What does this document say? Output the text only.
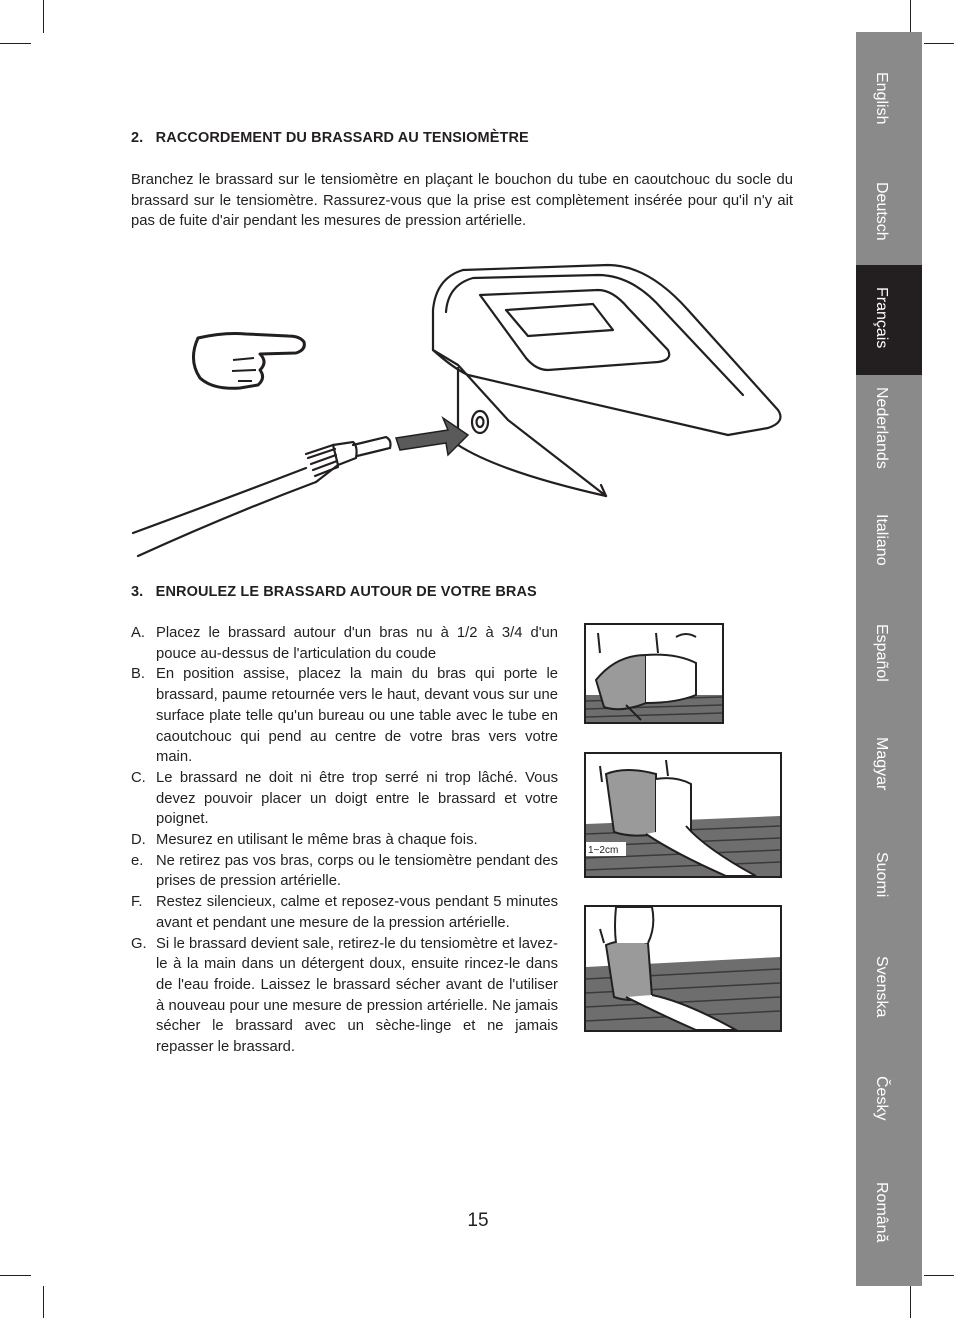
2.   RACCORDEMENT DU BRASSARD AU TENSIOMÈTRE

Branchez le brassard sur le tensiomètre en plaçant le bouchon du tube en caoutchouc du socle du brassard sur le tensiomètre. Rassurez-vous que la prise est complètement insérée pour qu'il n'y ait pas de fuite d'air pendant les mesures de pression artérielle.

3.   ENROULEZ LE BRASSARD AUTOUR DE VOTRE BRAS
A. Placez le brassard autour d'un bras nu à 1/2 à 3/4 d'un pouce au-dessus de l'articulation du coude
B. En position assise, placez la main du bras qui porte le brassard, paume retournée vers le haut, devant vous sur une surface plate telle qu'un bureau ou une table avec le tube en caoutchouc qui pend au centre de votre bras vers votre main.
C. Le brassard ne doit ni être trop serré ni trop lâché. Vous devez pouvoir placer un doigt entre le brassard et votre poignet.
D. Mesurez en utilisant le même bras à chaque fois.
e. Ne retirez pas vos bras, corps ou le tensiomètre pendant des prises de pression artérielle.
F. Restez silencieux, calme et reposez-vous pendant 5 minutes avant et pendant une mesure de la pression artérielle.
G. Si le brassard devient sale, retirez-le du tensiomètre et lavez-le à la main dans un détergent doux, ensuite rincez-le dans de l'eau froide. Laissez le brassard sécher avant de l'utiliser à nouveau pour une mesure de pression artérielle. Ne jamais sécher le brassard avec un sèche-linge et ne jamais repasser le brassard.
1~2cm
15
English
Deutsch
Français
Nederlands
Italiano
Español
Magyar
Suomi
Svenska
Česky
Română
